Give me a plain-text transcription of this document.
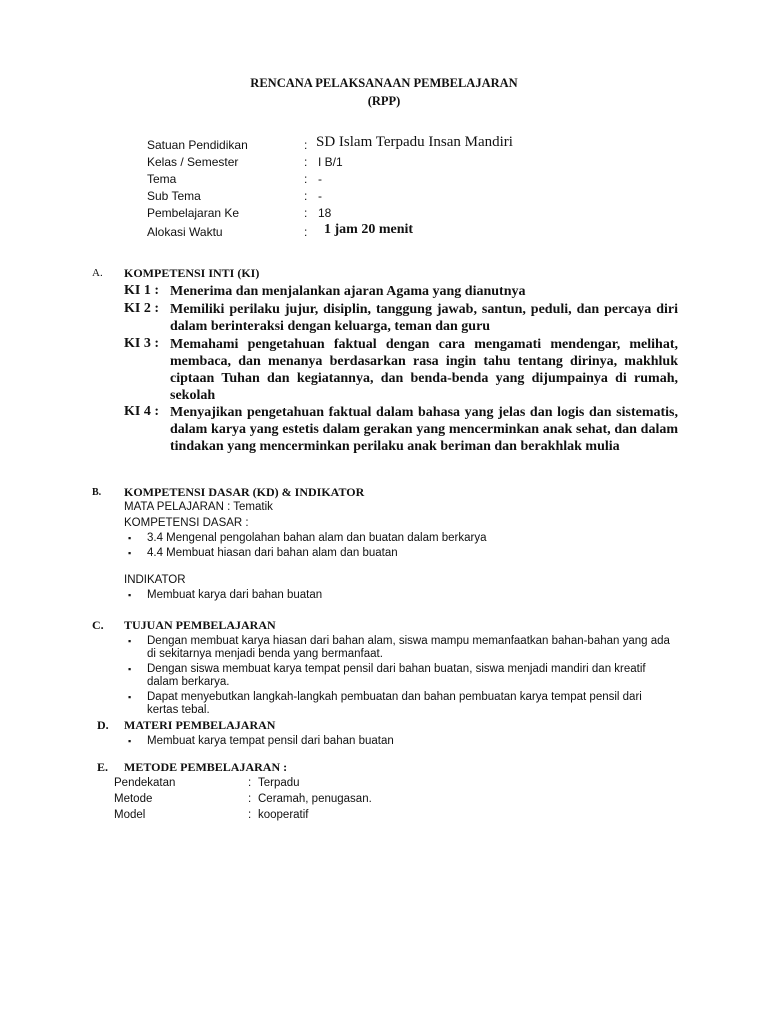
RENCANA PELAKSANAAN PEMBELAJARAN
(RPP)
Satuan Pendidikan	: SD Islam Terpadu Insan Mandiri
Kelas / Semester	: I B/1
Tema	: -
Sub Tema	: -
Pembelajaran Ke	: 18
Alokasi Waktu	: 1 jam 20 menit
A. KOMPETENSI INTI (KI)
KI 1 : Menerima dan menjalankan ajaran Agama yang dianutnya
KI 2 : Memiliki perilaku jujur, disiplin, tanggung jawab, santun, peduli, dan percaya diri dalam berinteraksi dengan keluarga, teman dan guru
KI 3 : Memahami pengetahuan faktual dengan cara mengamati mendengar, melihat, membaca, dan menanya berdasarkan rasa ingin tahu tentang dirinya, makhluk ciptaan Tuhan dan kegiatannya, dan benda-benda yang dijumpainya di rumah, sekolah
KI 4 : Menyajikan pengetahuan faktual dalam bahasa yang jelas dan logis dan sistematis, dalam karya yang estetis dalam gerakan yang mencerminkan anak sehat, dan dalam tindakan yang mencerminkan perilaku anak beriman dan berakhlak mulia
B. KOMPETENSI DASAR (KD) & INDIKATOR
MATA PELAJARAN : Tematik
KOMPETENSI DASAR :
▪ 3.4 Mengenal pengolahan bahan alam dan buatan dalam berkarya
▪ 4.4 Membuat hiasan dari bahan alam dan buatan
INDIKATOR
▪ Membuat karya dari bahan buatan
C. TUJUAN PEMBELAJARAN
▪ Dengan membuat karya hiasan dari bahan alam, siswa mampu memanfaatkan bahan-bahan yang ada di sekitarnya menjadi benda yang bermanfaat.
▪ Dengan siswa membuat karya tempat pensil dari bahan buatan, siswa menjadi mandiri dan kreatif dalam berkarya.
▪ Dapat menyebutkan langkah-langkah pembuatan dan bahan pembuatan karya tempat pensil dari kertas tebal.
D. MATERI PEMBELAJARAN
▪ Membuat karya tempat pensil dari bahan buatan
E. METODE PEMBELAJARAN :
Pendekatan	: Terpadu
Metode	: Ceramah, penugasan.
Model	: kooperatif
